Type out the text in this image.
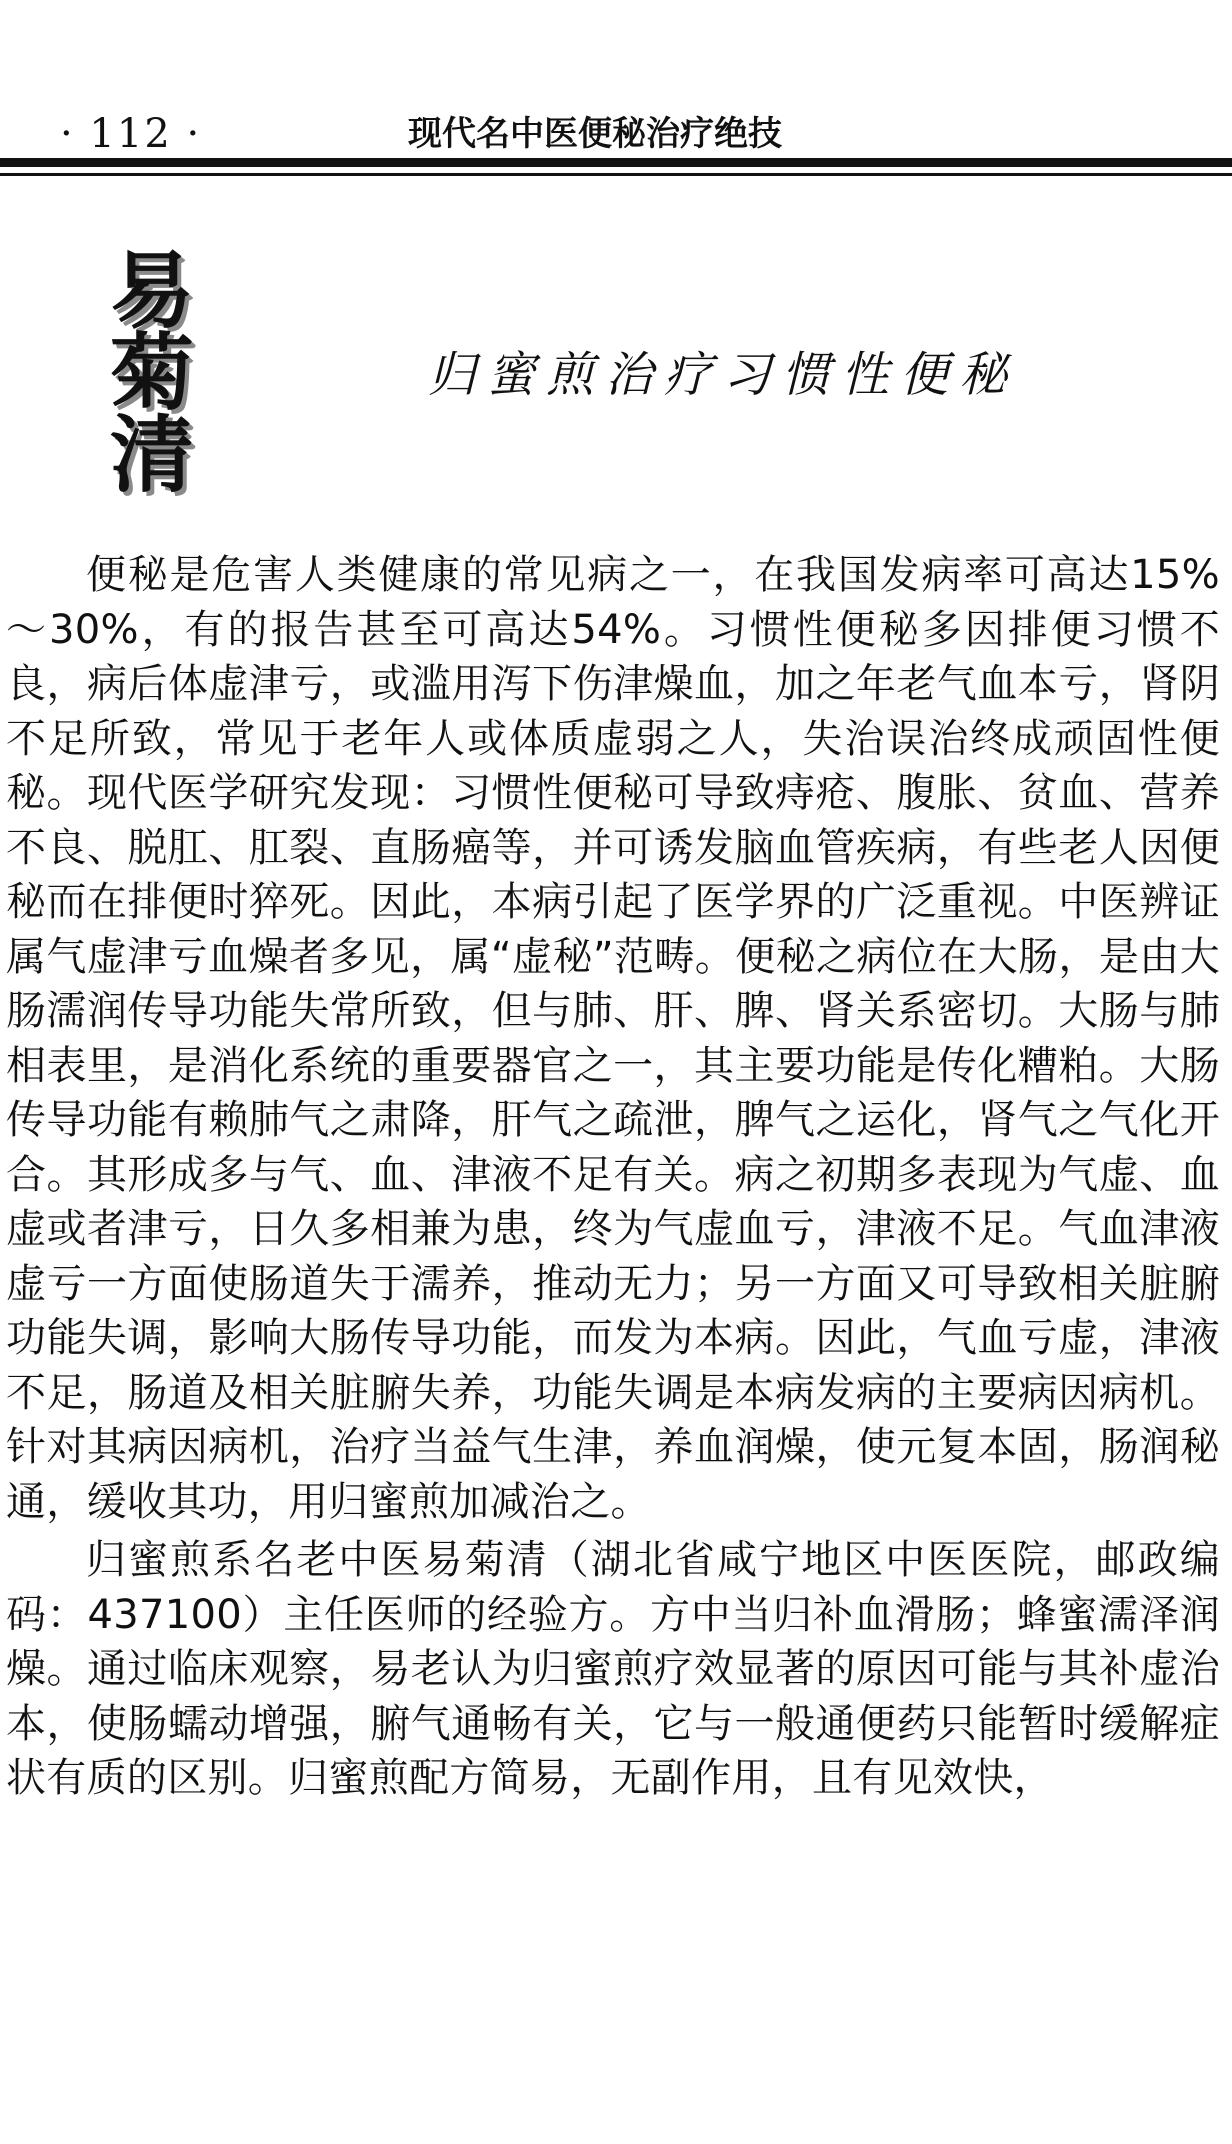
· 112 ·	现代名中医便秘治疗绝技
易
菊
清
归蜜煎治疗习惯性便秘

便秘是危害人类健康的常见病之一，在我国发病率可高达15%～30%，有的报告甚至可高达54%。习惯性便秘多因排便习惯不良，病后体虚津亏，或滥用泻下伤津燥血，加之年老气血本亏，肾阴不足所致，常见于老年人或体质虚弱之人，失治误治终成顽固性便秘。现代医学研究发现：习惯性便秘可导致痔疮、腹胀、贫血、营养不良、脱肛、肛裂、直肠癌等，并可诱发脑血管疾病，有些老人因便秘而在排便时猝死。因此，本病引起了医学界的广泛重视。中医辨证属气虚津亏血燥者多见，属“虚秘”范畴。便秘之病位在大肠，是由大肠濡润传导功能失常所致，但与肺、肝、脾、肾关系密切。大肠与肺相表里，是消化系统的重要器官之一，其主要功能是传化糟粕。大肠传导功能有赖肺气之肃降，肝气之疏泄，脾气之运化，肾气之气化开合。其形成多与气、血、津液不足有关。病之初期多表现为气虚、血虚或者津亏，日久多相兼为患，终为气虚血亏，津液不足。气血津液虚亏一方面使肠道失于濡养，推动无力；另一方面又可导致相关脏腑功能失调，影响大肠传导功能，而发为本病。因此，气血亏虚，津液不足，肠道及相关脏腑失养，功能失调是本病发病的主要病因病机。针对其病因病机，治疗当益气生津，养血润燥，使元复本固，肠润秘通，缓收其功，用归蜜煎加减治之。

归蜜煎系名老中医易菊清（湖北省咸宁地区中医医院，邮政编码：437100）主任医师的经验方。方中当归补血滑肠；蜂蜜濡泽润燥。通过临床观察，易老认为归蜜煎疗效显著的原因可能与其补虚治本，使肠蠕动增强，腑气通畅有关，它与一般通便药只能暂时缓解症状有质的区别。归蜜煎配方简易，无副作用，且有见效快，
